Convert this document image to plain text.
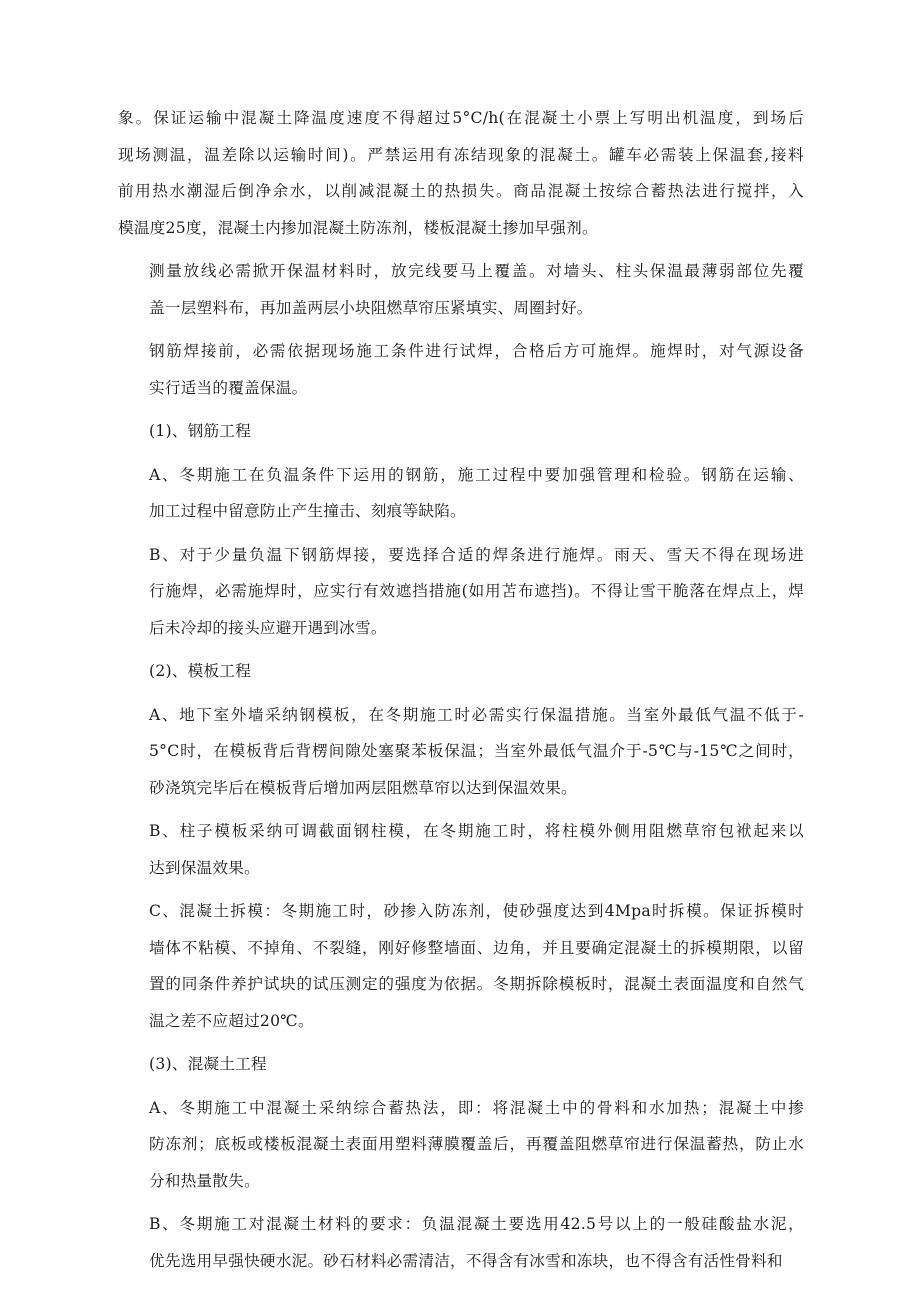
象。保证运输中混凝土降温度速度不得超过5°C/h(在混凝土小票上写明出机温度，到场后
现场测温，温差除以运输时间)。严禁运用有冻结现象的混凝土。罐车必需装上保温套,接料
前用热水潮湿后倒净余水，以削减混凝土的热损失。商品混凝土按综合蓄热法进行搅拌，入
模温度25度，混凝土内掺加混凝土防冻剂，楼板混凝土掺加早强剂。
测量放线必需掀开保温材料时，放完线要马上覆盖。对墙头、柱头保温最薄弱部位先覆
盖一层塑料布，再加盖两层小块阻燃草帘压紧填实、周圈封好。
钢筋焊接前，必需依据现场施工条件进行试焊，合格后方可施焊。施焊时，对气源设备
实行适当的覆盖保温。
(1)、钢筋工程
A、冬期施工在负温条件下运用的钢筋，施工过程中要加强管理和检验。钢筋在运输、
加工过程中留意防止产生撞击、刻痕等缺陷。
B、对于少量负温下钢筋焊接，要选择合适的焊条进行施焊。雨天、雪天不得在现场进
行施焊，必需施焊时，应实行有效遮挡措施(如用苫布遮挡)。不得让雪干脆落在焊点上，焊
后未冷却的接头应避开遇到冰雪。
(2)、模板工程
A、地下室外墙采纳钢模板，在冬期施工时必需实行保温措施。当室外最低气温不低于-
5°C时，在模板背后背楞间隙处塞聚苯板保温；当室外最低气温介于-5℃与-15℃之间时，
砂浇筑完毕后在模板背后增加两层阻燃草帘以达到保温效果。
B、柱子模板采纳可调截面钢柱模，在冬期施工时，将柱模外侧用阻燃草帘包袱起来以
达到保温效果。
C、混凝土拆模：冬期施工时，砂掺入防冻剂，使砂强度达到4Mpa时拆模。保证拆模时
墙体不粘模、不掉角、不裂缝，刚好修整墙面、边角，并且要确定混凝土的拆模期限，以留
置的同条件养护试块的试压测定的强度为依据。冬期拆除模板时，混凝土表面温度和自然气
温之差不应超过20℃。
(3)、混凝土工程
A、冬期施工中混凝土采纳综合蓄热法，即：将混凝土中的骨料和水加热；混凝土中掺
防冻剂；底板或楼板混凝土表面用塑料薄膜覆盖后，再覆盖阻燃草帘进行保温蓄热，防止水
分和热量散失。
B、冬期施工对混凝土材料的要求：负温混凝土要选用42.5号以上的一般硅酸盐水泥，
优先选用早强快硬水泥。砂石材料必需清洁，不得含有冰雪和冻块，也不得含有活性骨料和
